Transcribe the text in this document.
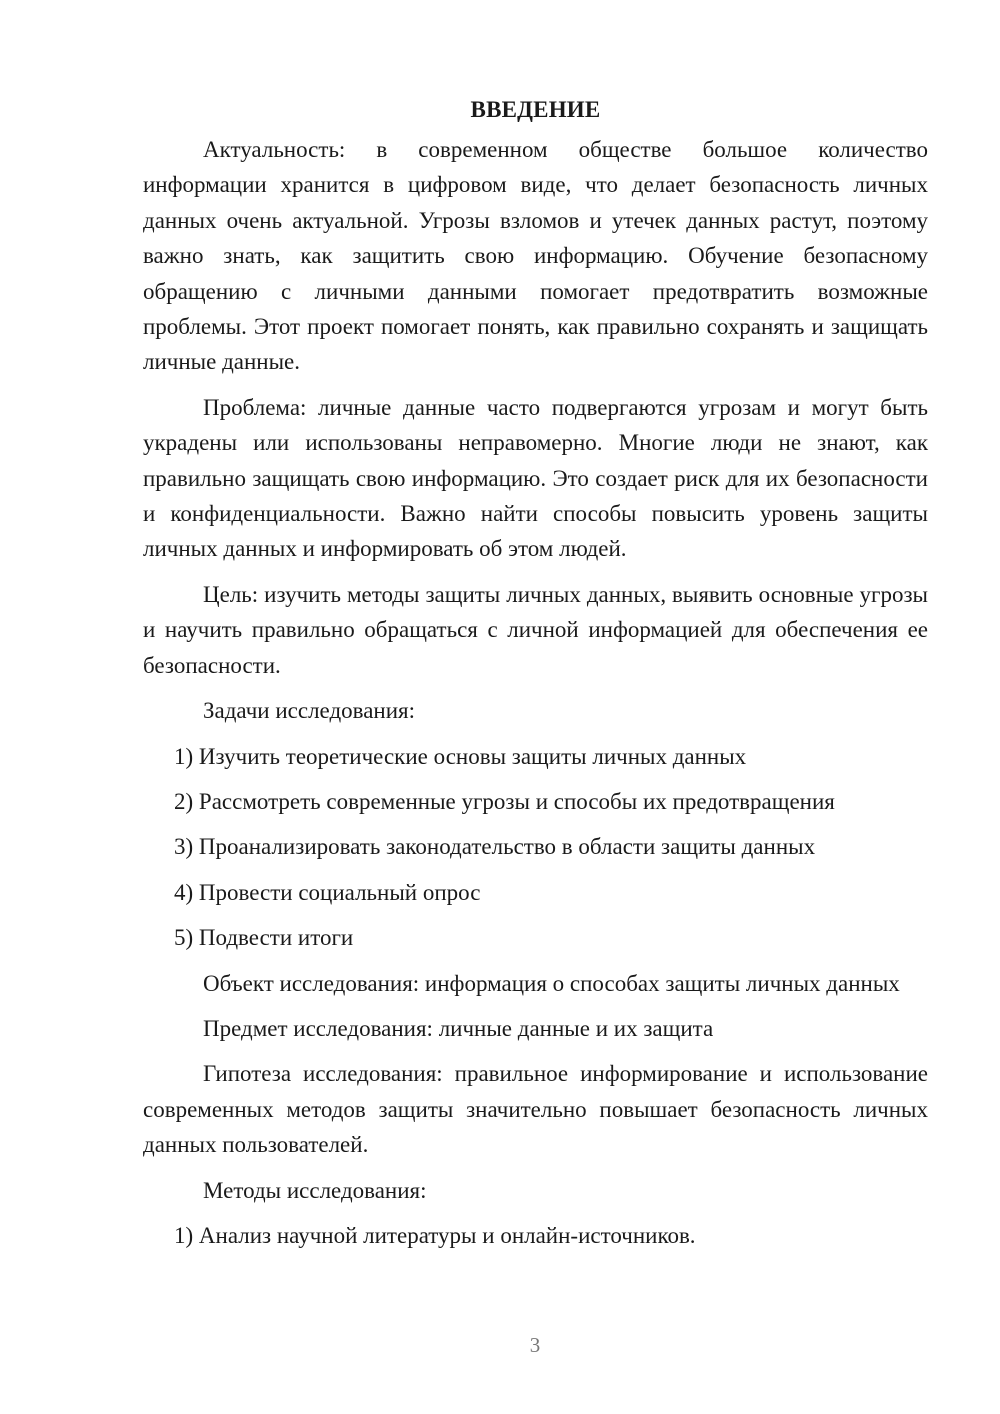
ВВЕДЕНИЕ

Актуальность: в современном обществе большое количество информации хранится в цифровом виде, что делает безопасность личных данных очень актуальной. Угрозы взломов и утечек данных растут, поэтому важно знать, как защитить свою информацию. Обучение безопасному обращению с личными данными помогает предотвратить возможные проблемы. Этот проект помогает понять, как правильно сохранять и защищать личные данные.

Проблема: личные данные часто подвергаются угрозам и могут быть украдены или использованы неправомерно. Многие люди не знают, как правильно защищать свою информацию. Это создает риск для их безопасности и конфиденциальности. Важно найти способы повысить уровень защиты личных данных и информировать об этом людей.

Цель: изучить методы защиты личных данных, выявить основные угрозы и научить правильно обращаться с личной информацией для обеспечения ее безопасности.

Задачи исследования:

1) Изучить теоретические основы защиты личных данных
2) Рассмотреть современные угрозы и способы их предотвращения
3) Проанализировать законодательство в области защиты данных
4) Провести социальный опрос
5) Подвести итоги

Объект исследования: информация о способах защиты личных данных

Предмет исследования: личные данные и их защита

Гипотеза исследования: правильное информирование и использование современных методов защиты значительно повышает безопасность личных данных пользователей.

Методы исследования:

1) Анализ научной литературы и онлайн-источников.
3
